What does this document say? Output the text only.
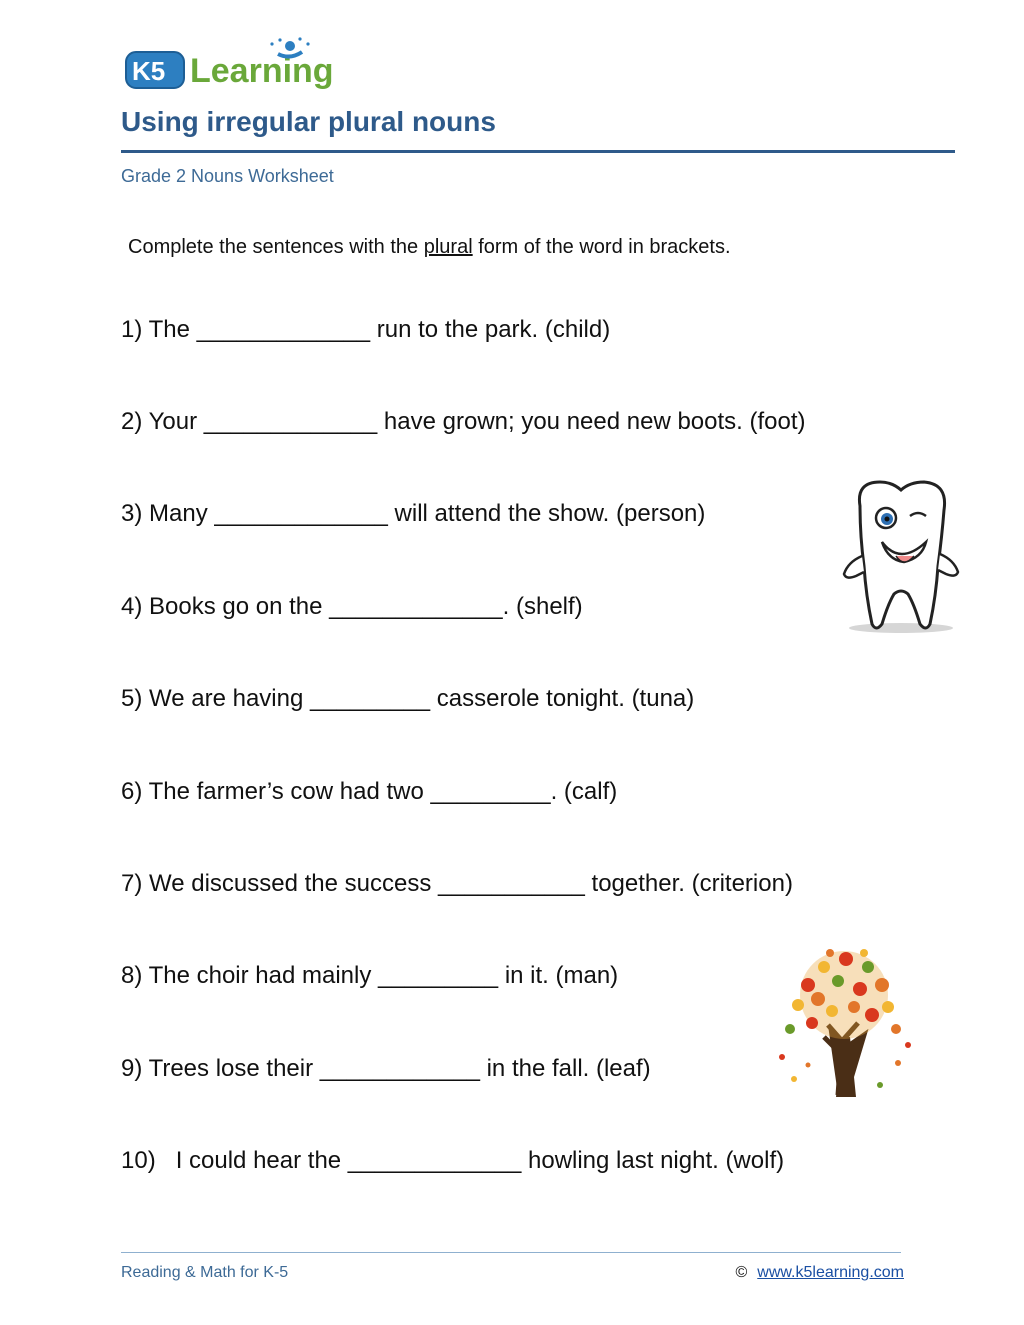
K5 Learning
Using irregular plural nouns
Grade 2 Nouns Worksheet
Complete the sentences with the plural form of the word in brackets.
1) The _____________ run to the park. (child)
2) Your _____________ have grown; you need new boots. (foot)
3) Many _____________ will attend the show. (person)
4) Books go on the _____________. (shelf)
5) We are having _________ casserole tonight. (tuna)
6) The farmer’s cow had two _________. (calf)
7) We discussed the success ___________ together. (criterion)
8) The choir had mainly _________ in it. (man)
9) Trees lose their ____________ in the fall. (leaf)
10)   I could hear the _____________ howling last night. (wolf)
Reading & Math for K-5	© www.k5learning.com
